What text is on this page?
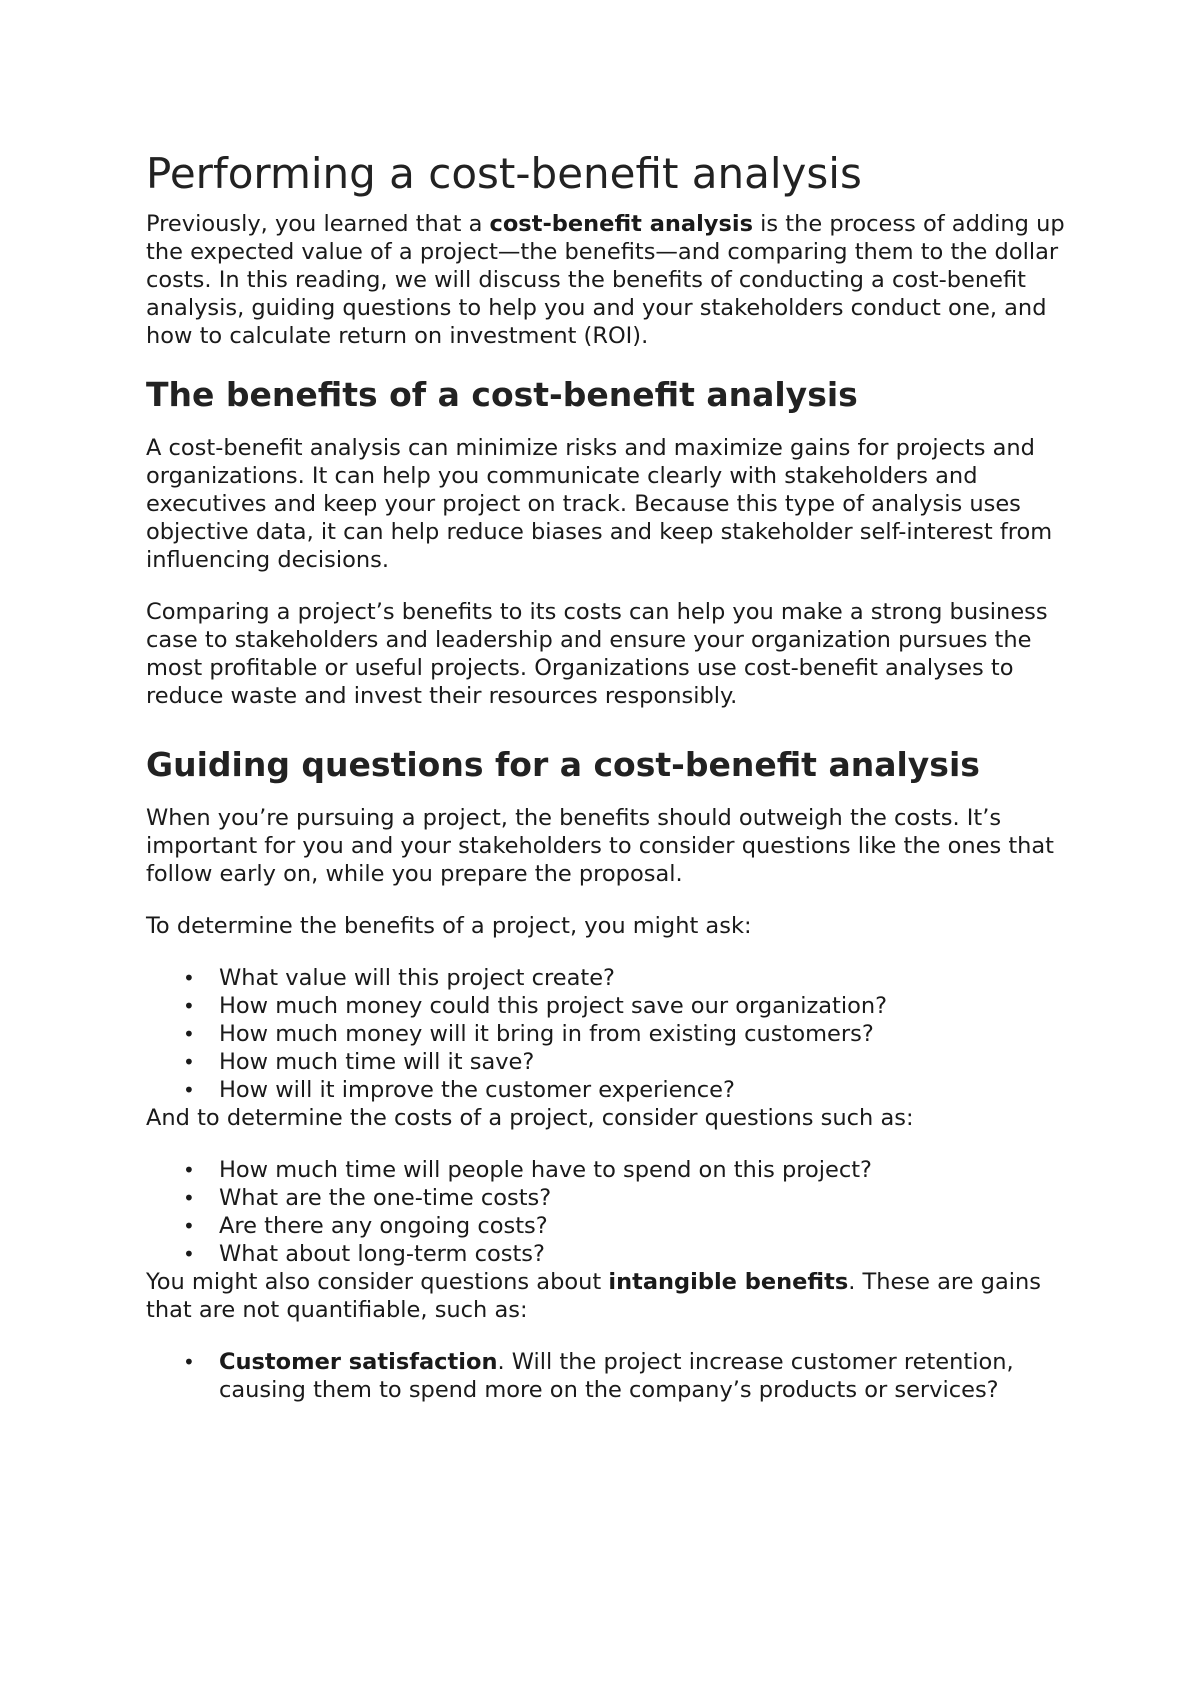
Performing a cost-benefit analysis

Previously, you learned that a cost-benefit analysis is the process of adding up the expected value of a project—the benefits—and comparing them to the dollar costs. In this reading, we will discuss the benefits of conducting a cost-benefit analysis, guiding questions to help you and your stakeholders conduct one, and how to calculate return on investment (ROI).

The benefits of a cost-benefit analysis

A cost-benefit analysis can minimize risks and maximize gains for projects and organizations. It can help you communicate clearly with stakeholders and executives and keep your project on track. Because this type of analysis uses objective data, it can help reduce biases and keep stakeholder self-interest from influencing decisions.

Comparing a project’s benefits to its costs can help you make a strong business case to stakeholders and leadership and ensure your organization pursues the most profitable or useful projects. Organizations use cost-benefit analyses to reduce waste and invest their resources responsibly.

Guiding questions for a cost-benefit analysis

When you’re pursuing a project, the benefits should outweigh the costs. It’s important for you and your stakeholders to consider questions like the ones that follow early on, while you prepare the proposal.

To determine the benefits of a project, you might ask:

• What value will this project create?
• How much money could this project save our organization?
• How much money will it bring in from existing customers?
• How much time will it save?
• How will it improve the customer experience?

And to determine the costs of a project, consider questions such as:

• How much time will people have to spend on this project?
• What are the one-time costs?
• Are there any ongoing costs?
• What about long-term costs?

You might also consider questions about intangible benefits. These are gains that are not quantifiable, such as:

• Customer satisfaction. Will the project increase customer retention, causing them to spend more on the company’s products or services?
